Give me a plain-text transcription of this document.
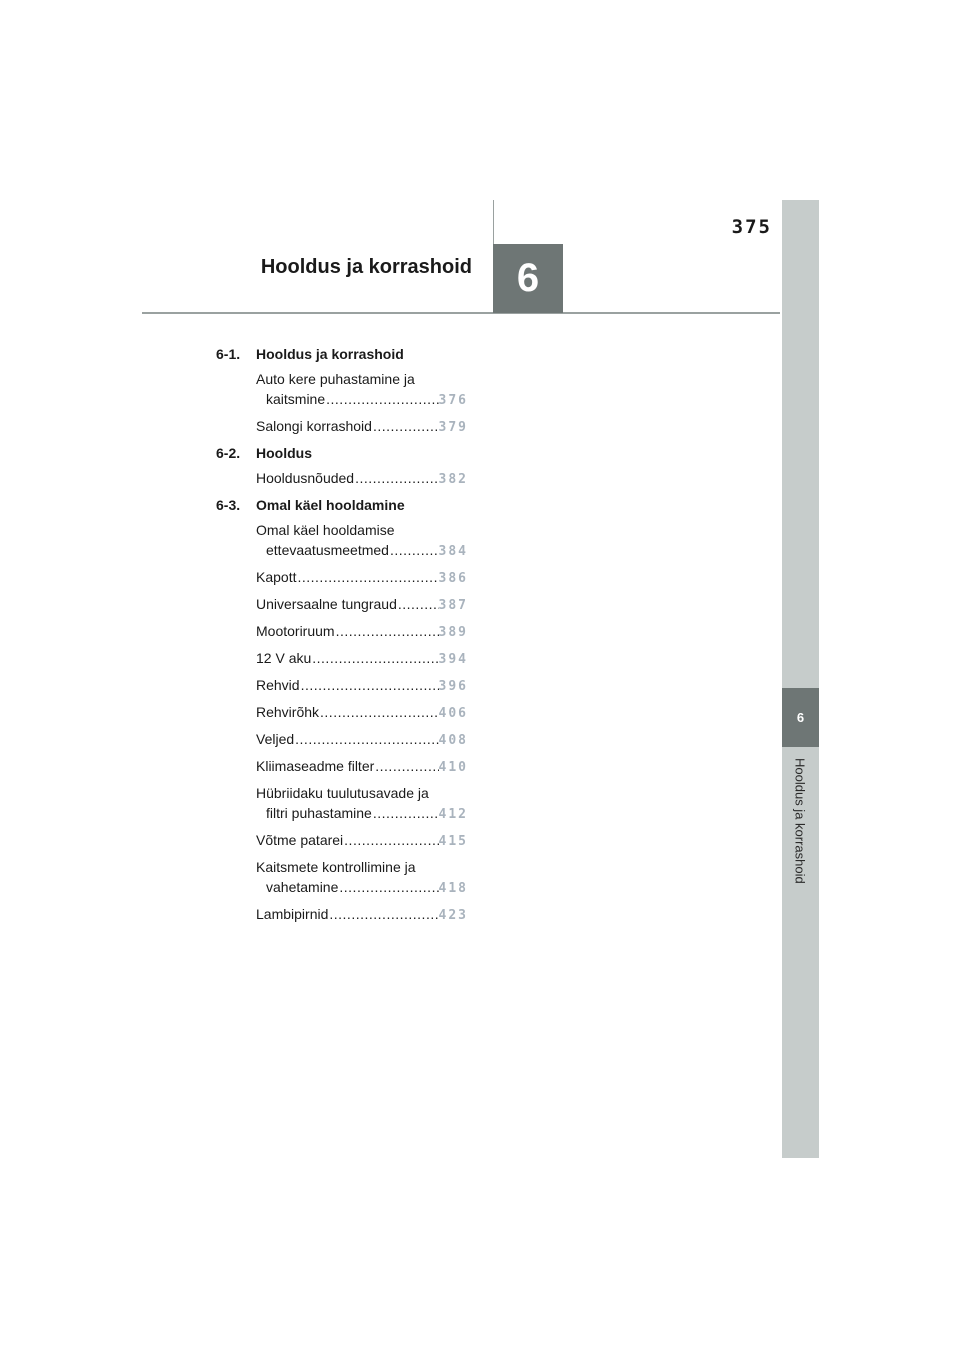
375
Hooldus ja korrashoid	6
6
Hooldus ja korrashoid
6-1.	Hooldus ja korrashoid
Auto kere puhastamine ja
kaitsmine .....	376
Salongi korrashoid .....	379
6-2.	Hooldus
Hooldusnõuded .....	382
6-3.	Omal käel hooldamine
Omal käel hooldamise
ettevaatusmeetmed .....	384
Kapott .....	386
Universaalne tungraud .....	387
Mootoriruum .....	389
12 V aku .....	394
Rehvid .....	396
Rehvirõhk .....	406
Veljed .....	408
Kliimaseadme filter .....	410
Hübriidaku tuulutusavade ja
filtri puhastamine .....	412
Võtme patarei .....	415
Kaitsmete kontrollimine ja
vahetamine .....	418
Lambipirnid .....	423
